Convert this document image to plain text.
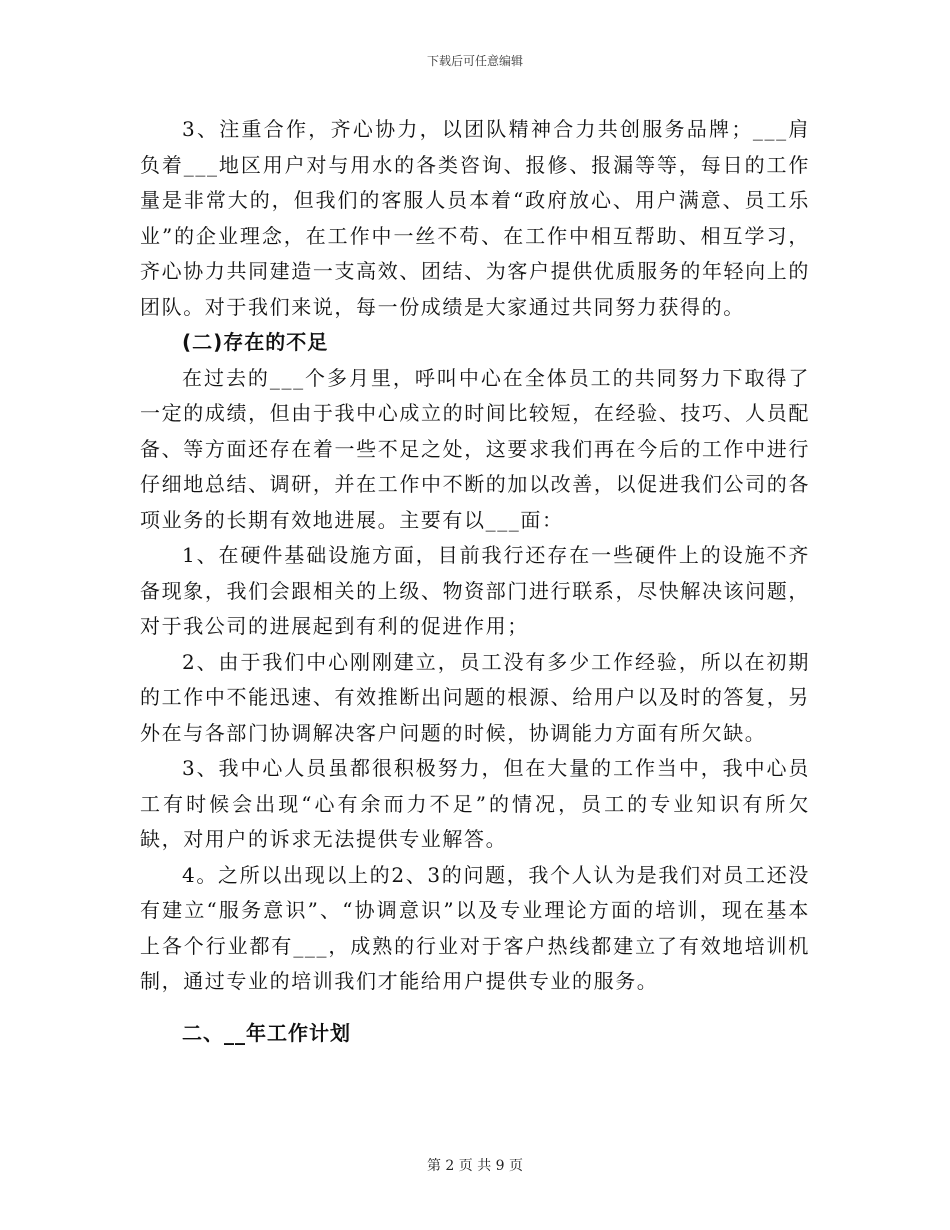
下载后可任意编辑

3、注重合作，齐心协力，以团队精神合力共创服务品牌；___肩负着___地区用户对与用水的各类咨询、报修、报漏等等，每日的工作量是非常大的，但我们的客服人员本着“政府放心、用户满意、员工乐业”的企业理念，在工作中一丝不苟、在工作中相互帮助、相互学习，齐心协力共同建造一支高效、团结、为客户提供优质服务的年轻向上的团队。对于我们来说，每一份成绩是大家通过共同努力获得的。

(二)存在的不足

在过去的___个多月里，呼叫中心在全体员工的共同努力下取得了一定的成绩，但由于我中心成立的时间比较短，在经验、技巧、人员配备、等方面还存在着一些不足之处，这要求我们再在今后的工作中进行仔细地总结、调研，并在工作中不断的加以改善，以促进我们公司的各项业务的长期有效地进展。主要有以___面：

1、在硬件基础设施方面，目前我行还存在一些硬件上的设施不齐备现象，我们会跟相关的上级、物资部门进行联系，尽快解决该问题，对于我公司的进展起到有利的促进作用；

2、由于我们中心刚刚建立，员工没有多少工作经验，所以在初期的工作中不能迅速、有效推断出问题的根源、给用户以及时的答复，另外在与各部门协调解决客户问题的时候，协调能力方面有所欠缺。

3、我中心人员虽都很积极努力，但在大量的工作当中，我中心员工有时候会出现“心有余而力不足”的情况，员工的专业知识有所欠缺，对用户的诉求无法提供专业解答。

4。之所以出现以上的2、3的问题，我个人认为是我们对员工还没有建立“服务意识”、“协调意识”以及专业理论方面的培训，现在基本上各个行业都有___，成熟的行业对于客户热线都建立了有效地培训机制，通过专业的培训我们才能给用户提供专业的服务。

二、__年工作计划

第 2 页 共 9 页
